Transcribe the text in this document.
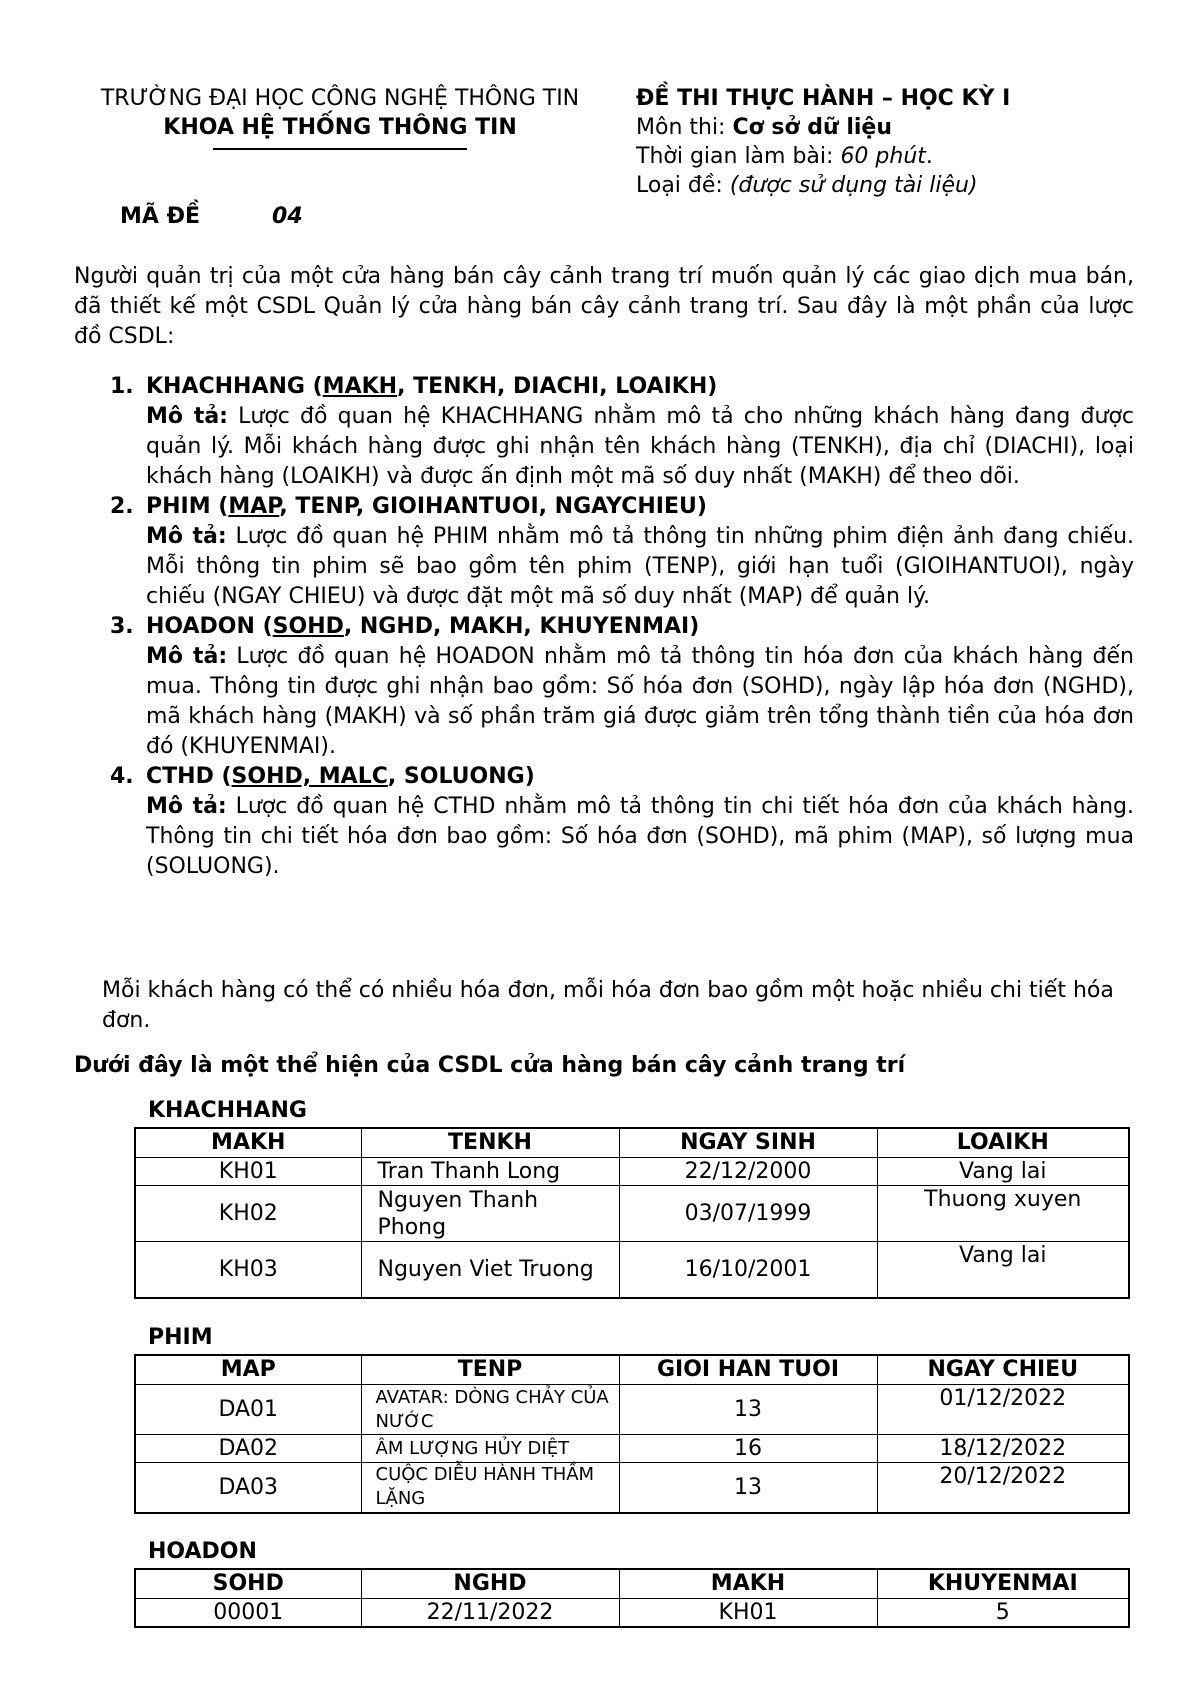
TRƯỜNG ĐẠI HỌC CÔNG NGHỆ THÔNG TIN
KHOA HỆ THỐNG THÔNG TIN
ĐỀ THI THỰC HÀNH – HỌC KỲ I
Môn thi: Cơ sở dữ liệu
Thời gian làm bài: 60 phút.
Loại đề: (được sử dụng tài liệu)
MÃ ĐỀ	04
Người quản trị của một cửa hàng bán cây cảnh trang trí muốn quản lý các giao dịch mua bán, đã thiết kế một CSDL Quản lý cửa hàng bán cây cảnh trang trí. Sau đây là một phần của lược đồ CSDL:
1. KHACHHANG (MAKH, TENKH, DIACHI, LOAIKH)
Mô tả: Lược đồ quan hệ KHACHHANG nhằm mô tả cho những khách hàng đang được quản lý. Mỗi khách hàng được ghi nhận tên khách hàng (TENKH), địa chỉ (DIACHI), loại khách hàng (LOAIKH) và được ấn định một mã số duy nhất (MAKH) để theo dõi.
2. PHIM (MAP, TENP, GIOIHANTUOI, NGAYCHIEU)
Mô tả: Lược đồ quan hệ PHIM nhằm mô tả thông tin những phim điện ảnh đang chiếu. Mỗi thông tin phim sẽ bao gồm tên phim (TENP), giới hạn tuổi (GIOIHANTUOI), ngày chiếu (NGAY CHIEU) và được đặt một mã số duy nhất (MAP) để quản lý.
3. HOADON (SOHD, NGHD, MAKH, KHUYENMAI)
Mô tả: Lược đồ quan hệ HOADON nhằm mô tả thông tin hóa đơn của khách hàng đến mua. Thông tin được ghi nhận bao gồm: Số hóa đơn (SOHD), ngày lập hóa đơn (NGHD), mã khách hàng (MAKH) và số phần trăm giá được giảm trên tổng thành tiền của hóa đơn đó (KHUYENMAI).
4. CTHD (SOHD, MALC, SOLUONG)
Mô tả: Lược đồ quan hệ CTHD nhằm mô tả thông tin chi tiết hóa đơn của khách hàng. Thông tin chi tiết hóa đơn bao gồm: Số hóa đơn (SOHD), mã phim (MAP), số lượng mua (SOLUONG).
Mỗi khách hàng có thể có nhiều hóa đơn, mỗi hóa đơn bao gồm một hoặc nhiều chi tiết hóa đơn.
Dưới đây là một thể hiện của CSDL cửa hàng bán cây cảnh trang trí
KHACHHANG
MAKH	TENKH	NGAY SINH	LOAIKH
KH01	Tran Thanh Long	22/12/2000	Vang lai
KH02	Nguyen Thanh Phong	03/07/1999	Thuong xuyen
KH03	Nguyen Viet Truong	16/10/2001	Vang lai
PHIM
MAP	TENP	GIOI HAN TUOI	NGAY CHIEU
DA01	AVATAR: DÒNG CHẢY CỦA NƯỚC	13	01/12/2022
DA02	ÂM LƯỢNG HỦY DIỆT	16	18/12/2022
DA03	CUỘC DIỄU HÀNH THẦM LẶNG	13	20/12/2022
HOADON
SOHD	NGHD	MAKH	KHUYENMAI
00001	22/11/2022	KH01	5
